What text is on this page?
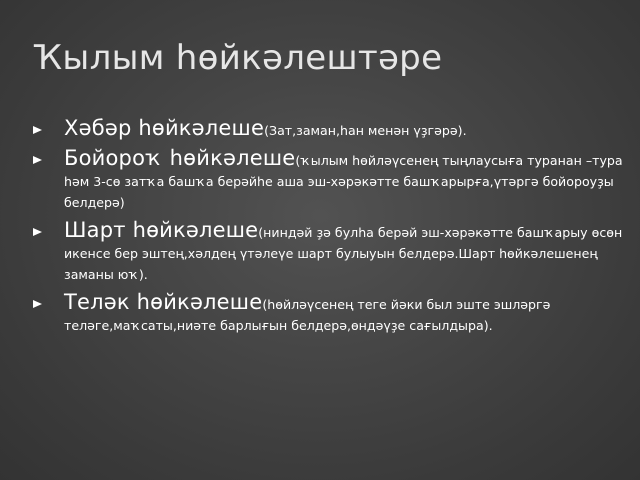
Ҡылым һөйкәлештәре
Хәбәр һөйкәлеше(Зат,заман,һан менән үҙгәрә).
Бойороҡ һөйкәлеше(ҡылым һөйләүсенең тыңлаусыға туранан –тура һәм 3-сө затҡа башҡа берәйһе аша эш-хәрәкәтте башҡарырға,үтәргә бойороуҙы белдерә)
Шарт һөйкәлеше(ниндәй ҙә булһа берәй эш-хәрәкәтте башҡарыу өсөн икенсе бер эштең,хәлдең үтәлеүе шарт булыуын белдерә.Шарт һөйкәлешенең заманы юҡ).
Теләк һөйкәлеше(һөйләүсенең теге йәки был эште эшләргә теләге,маҡсаты,ниәте барлығын белдерә,өндәүҙе сағылдыра).
